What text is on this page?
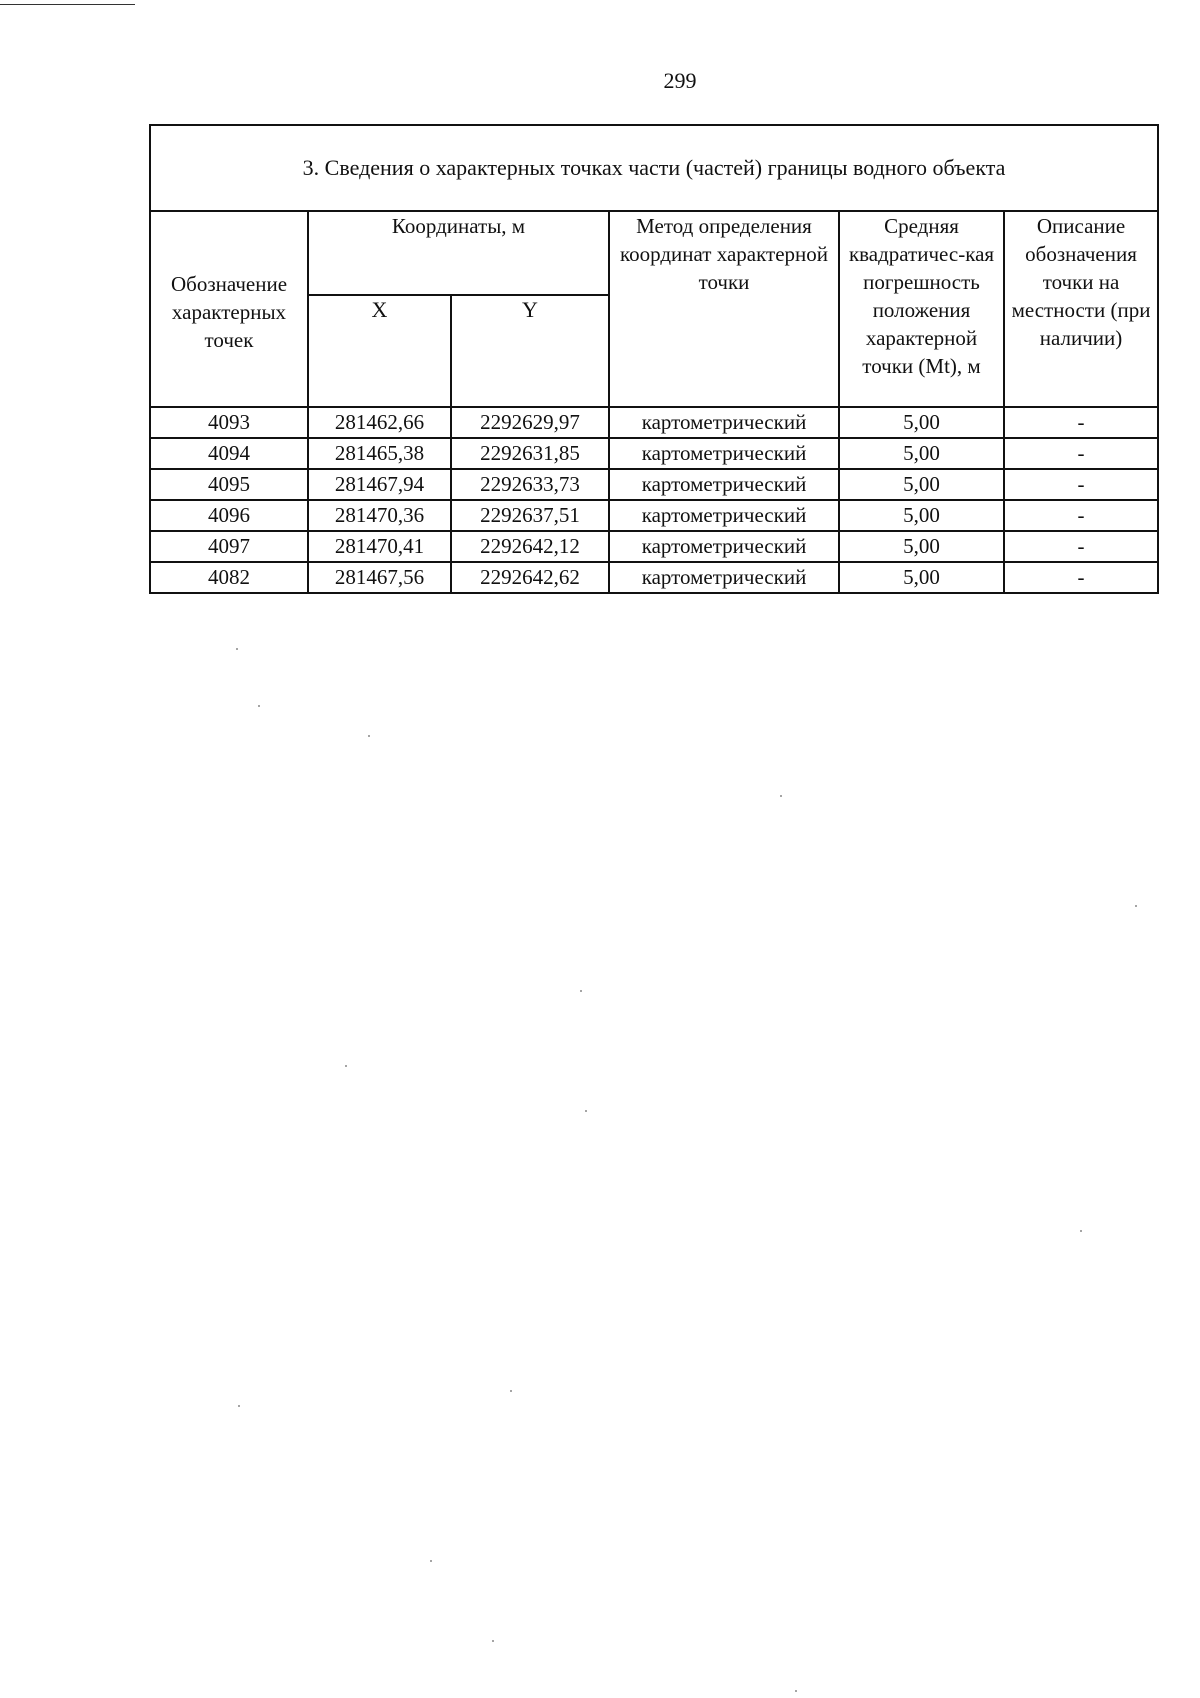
299
3. Сведения о характерных точках части (частей) границы водного объекта					

Обозначение характерных точек	Координаты, м		Метод определения координат характерной точки	Средняя квадратичес-кая погрешность положения характерной точки (Mt), м	Описание обозначения точки на местности (при наличии)
	X	Y			
4093	281462,66	2292629,97	картометрический	5,00	-
4094	281465,38	2292631,85	картометрический	5,00	-
4095	281467,94	2292633,73	картометрический	5,00	-
4096	281470,36	2292637,51	картометрический	5,00	-
4097	281470,41	2292642,12	картометрический	5,00	-
4082	281467,56	2292642,62	картометрический	5,00	-
